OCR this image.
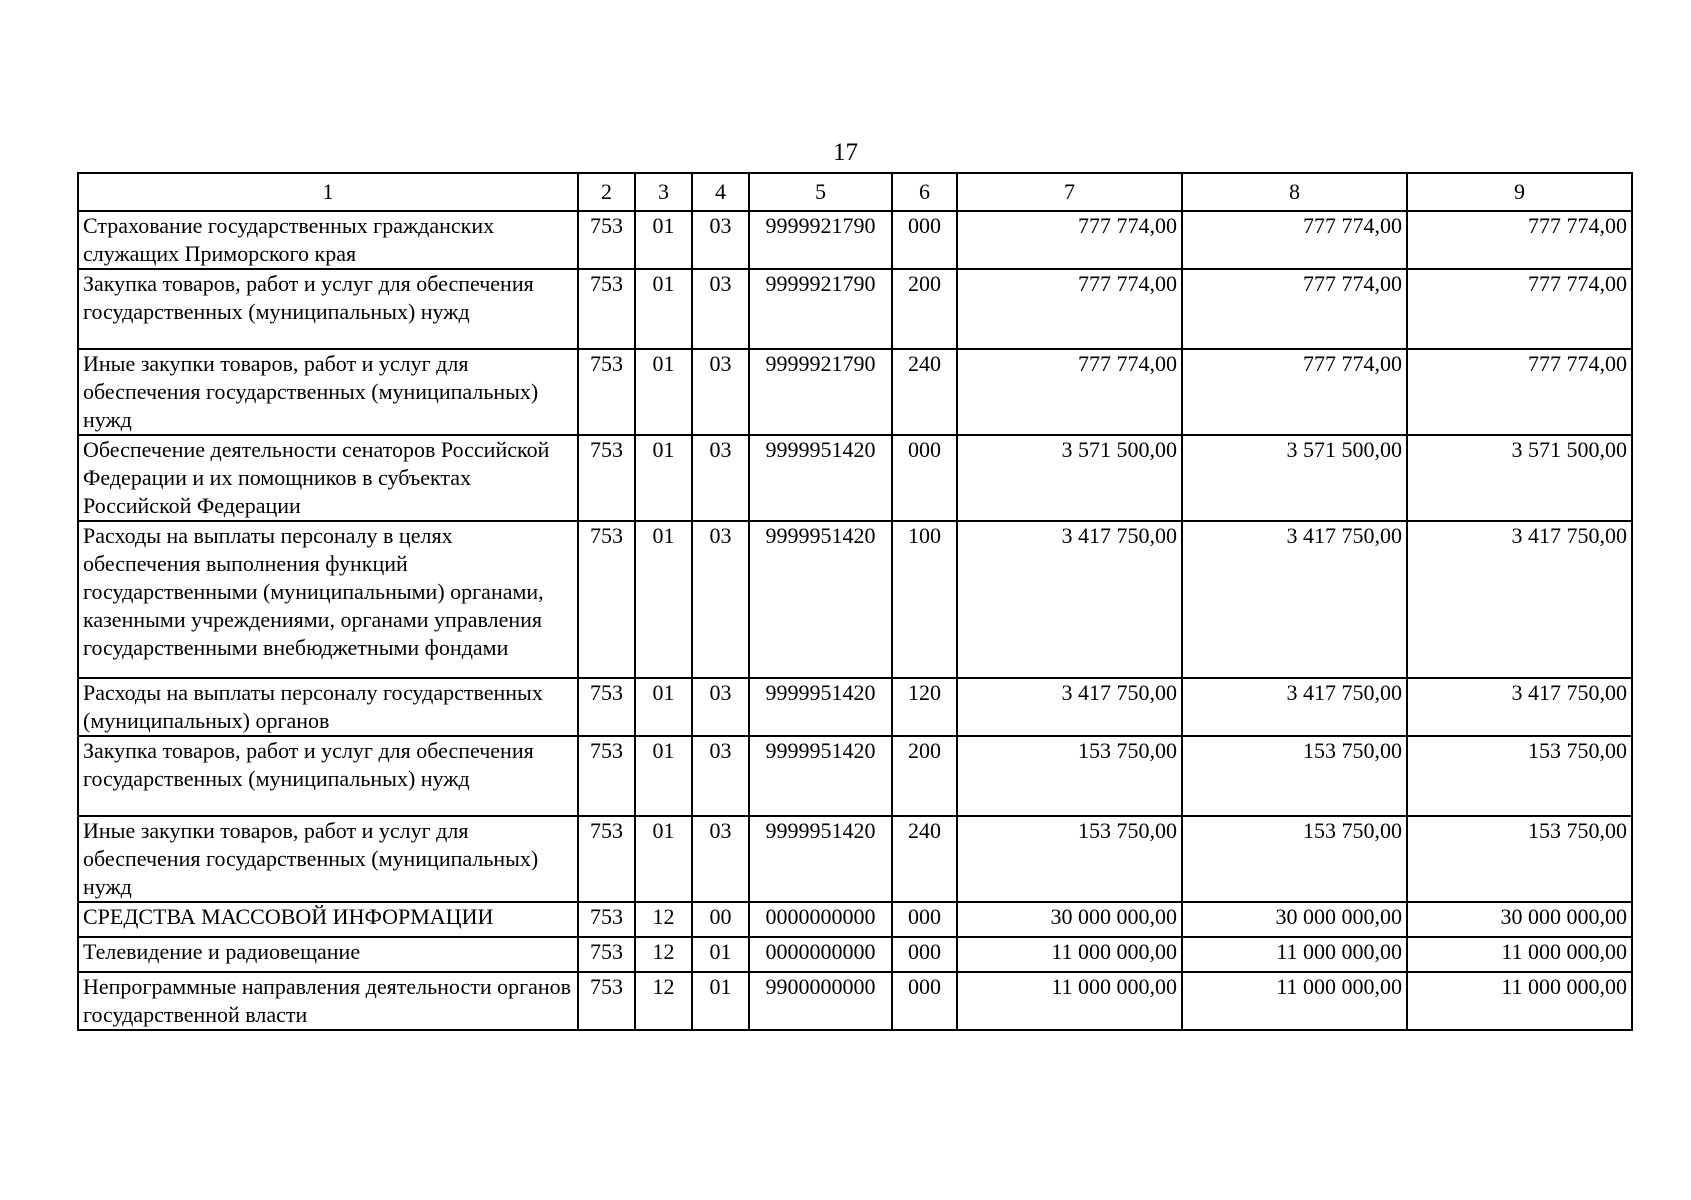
17
1	2	3	4	5	6	7	8	9
Страхование государственных гражданских служащих Приморского края	753	01	03	9999921790	000	777 774,00	777 774,00	777 774,00
Закупка товаров, работ и услуг для обеспечения государственных (муниципальных) нужд	753	01	03	9999921790	200	777 774,00	777 774,00	777 774,00
Иные закупки товаров, работ и услуг для обеспечения государственных (муниципальных) нужд	753	01	03	9999921790	240	777 774,00	777 774,00	777 774,00
Обеспечение деятельности сенаторов Российской Федерации и их помощников в субъектах Российской Федерации	753	01	03	9999951420	000	3 571 500,00	3 571 500,00	3 571 500,00
Расходы на выплаты персоналу в целях обеспечения выполнения функций государственными (муниципальными) органами, казенными учреждениями, органами управления государственными внебюджетными фондами	753	01	03	9999951420	100	3 417 750,00	3 417 750,00	3 417 750,00
Расходы на выплаты персоналу государственных (муниципальных) органов	753	01	03	9999951420	120	3 417 750,00	3 417 750,00	3 417 750,00
Закупка товаров, работ и услуг для обеспечения государственных (муниципальных) нужд	753	01	03	9999951420	200	153 750,00	153 750,00	153 750,00
Иные закупки товаров, работ и услуг для обеспечения государственных (муниципальных) нужд	753	01	03	9999951420	240	153 750,00	153 750,00	153 750,00
СРЕДСТВА МАССОВОЙ ИНФОРМАЦИИ	753	12	00	0000000000	000	30 000 000,00	30 000 000,00	30 000 000,00
Телевидение и радиовещание	753	12	01	0000000000	000	11 000 000,00	11 000 000,00	11 000 000,00
Непрограммные направления деятельности органов государственной власти	753	12	01	9900000000	000	11 000 000,00	11 000 000,00	11 000 000,00
